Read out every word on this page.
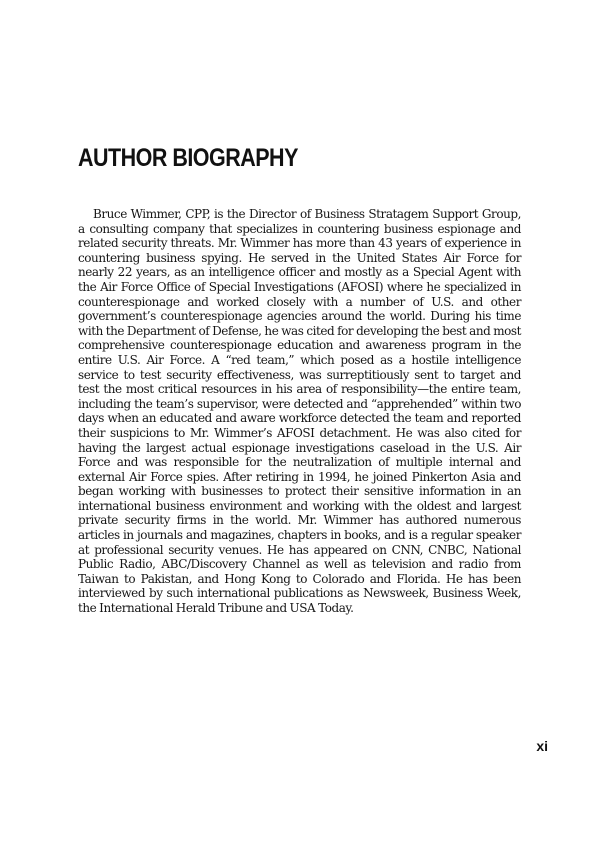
AUTHOR BIOGRAPHY

Bruce Wimmer, CPP, is the Director of Business Stratagem Support Group, a consulting company that specializes in countering business espionage and related security threats. Mr. Wimmer has more than 43 years of experience in countering business spying. He served in the United States Air Force for nearly 22 years, as an intelligence officer and mostly as a Special Agent with the Air Force Office of Special Investigations (AFOSI) where he specialized in counterespionage and worked closely with a number of U.S. and other government’s counterespionage agencies around the world. During his time with the Department of Defense, he was cited for developing the best and most comprehensive counterespionage education and awareness program in the entire U.S. Air Force. A “red team,” which posed as a hostile intelligence service to test security effectiveness, was surreptitiously sent to target and test the most critical resources in his area of responsibility—the entire team, including the team’s supervisor, were detected and “apprehended” within two days when an educated and aware workforce detected the team and reported their suspicions to Mr. Wimmer’s AFOSI detachment. He was also cited for having the largest actual espionage investigations caseload in the U.S. Air Force and was responsible for the neutralization of multiple internal and external Air Force spies. After retiring in 1994, he joined Pinkerton Asia and began working with businesses to protect their sensitive information in an international business environment and working with the oldest and largest private security firms in the world. Mr. Wimmer has authored numerous articles in journals and magazines, chapters in books, and is a regular speaker at professional security venues. He has appeared on CNN, CNBC, National Public Radio, ABC/Discovery Channel as well as television and radio from Taiwan to Pakistan, and Hong Kong to Colorado and Florida. He has been interviewed by such international publications as Newsweek, Business Week, the International Herald Tribune and USA Today.

xi
